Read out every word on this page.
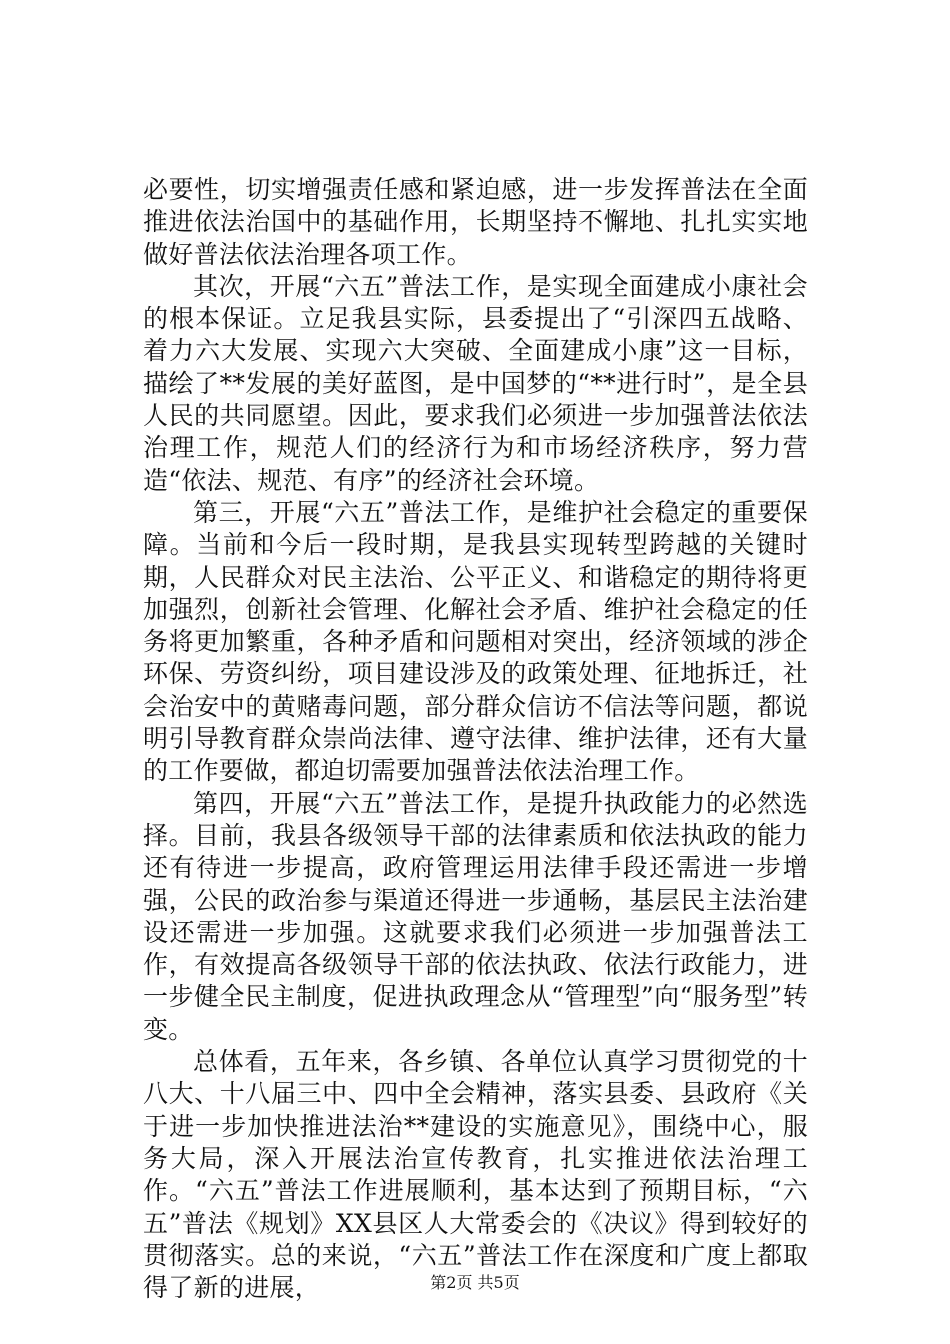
必要性，切实增强责任感和紧迫感，进一步发挥普法在全面推进依法治国中的基础作用，长期坚持不懈地、扎扎实实地做好普法依法治理各项工作。

其次，开展“六五”普法工作，是实现全面建成小康社会的根本保证。立足我县实际，县委提出了“引深四五战略、着力六大发展、实现六大突破、全面建成小康”这一目标，描绘了**发展的美好蓝图，是中国梦的“**进行时”，是全县人民的共同愿望。因此，要求我们必须进一步加强普法依法治理工作，规范人们的经济行为和市场经济秩序，努力营造“依法、规范、有序”的经济社会环境。

第三，开展“六五”普法工作，是维护社会稳定的重要保障。当前和今后一段时期，是我县实现转型跨越的关键时期，人民群众对民主法治、公平正义、和谐稳定的期待将更加强烈，创新社会管理、化解社会矛盾、维护社会稳定的任务将更加繁重，各种矛盾和问题相对突出，经济领域的涉企环保、劳资纠纷，项目建设涉及的政策处理、征地拆迁，社会治安中的黄赌毒问题，部分群众信访不信法等问题，都说明引导教育群众崇尚法律、遵守法律、维护法律，还有大量的工作要做，都迫切需要加强普法依法治理工作。

第四，开展“六五”普法工作，是提升执政能力的必然选择。目前，我县各级领导干部的法律素质和依法执政的能力还有待进一步提高，政府管理运用法律手段还需进一步增强，公民的政治参与渠道还得进一步通畅，基层民主法治建设还需进一步加强。这就要求我们必须进一步加强普法工作，有效提高各级领导干部的依法执政、依法行政能力，进一步健全民主制度，促进执政理念从“管理型”向“服务型”转变。

总体看，五年来，各乡镇、各单位认真学习贯彻党的十八大、十八届三中、四中全会精神，落实县委、县政府《关于进一步加快推进法治**建设的实施意见》，围绕中心，服务大局，深入开展法治宣传教育，扎实推进依法治理工作。“六五”普法工作进展顺利，基本达到了预期目标，“六五”普法《规划》XX县区人大常委会的《决议》得到较好的贯彻落实。总的来说，“六五”普法工作在深度和广度上都取得了新的进展，	第2页 共5页
